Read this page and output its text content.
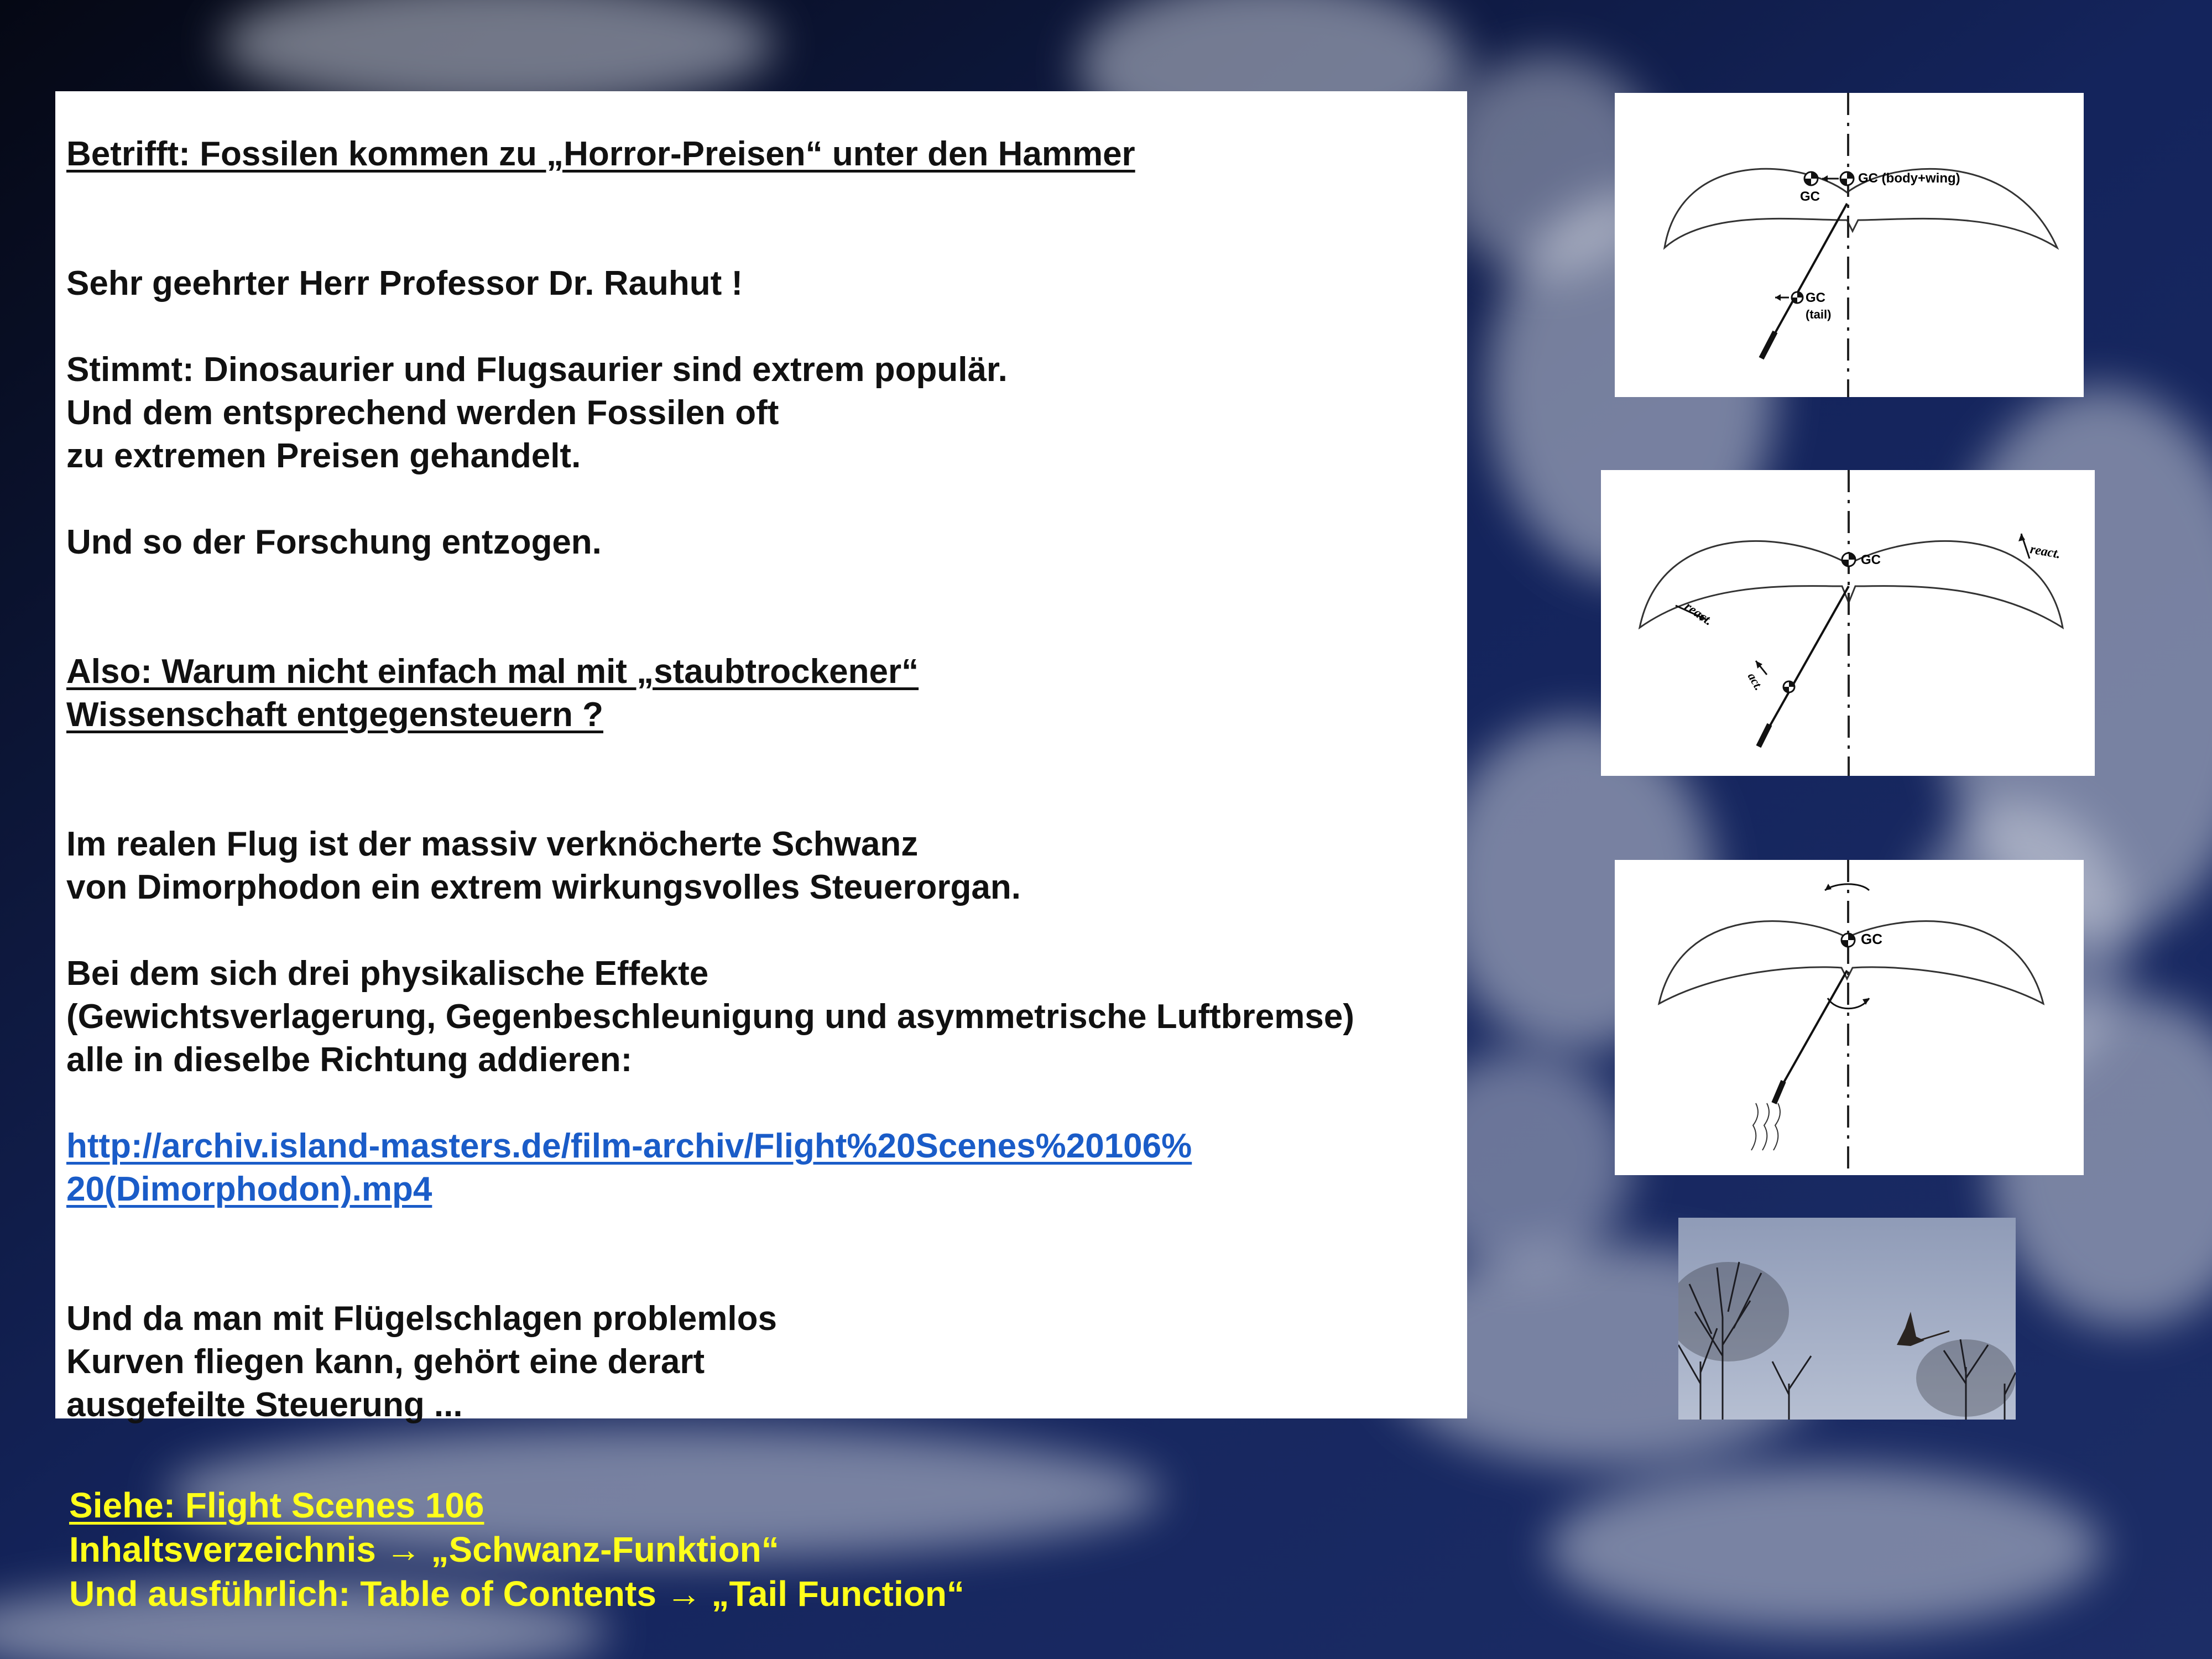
Betrifft: Fossilen kommen zu „Horror-Preisen“ unter den Hammer
Sehr geehrter Herr Professor Dr. Rauhut !
Stimmt: Dinosaurier und Flugsaurier sind extrem populär.
Und dem entsprechend werden Fossilen oft
zu extremen Preisen gehandelt.
Und so der Forschung entzogen.
Also: Warum nicht einfach mal mit „staubtrockener“
Wissenschaft entgegensteuern ?
Im realen Flug ist der massiv verknöcherte Schwanz
von Dimorphodon ein extrem wirkungsvolles Steuerorgan.
Bei dem sich drei physikalische Effekte
(Gewichtsverlagerung, Gegenbeschleunigung und asymmetrische Luftbremse)
alle in dieselbe Richtung addieren:
http://archiv.island-masters.de/film-archiv/Flight%20Scenes%20106%
20(Dimorphodon).mp4
Und da man mit Flügelschlagen problemlos
Kurven fliegen kann, gehört eine derart
ausgefeilte Steuerung ...
Siehe: Flight Scenes 106
Inhaltsverzeichnis → „Schwanz-Funktion“
Und ausführlich: Table of Contents → „Tail Function“
GC (body+wing)
GC
GC
(tail)
GC	react.
react.
act.
GC
